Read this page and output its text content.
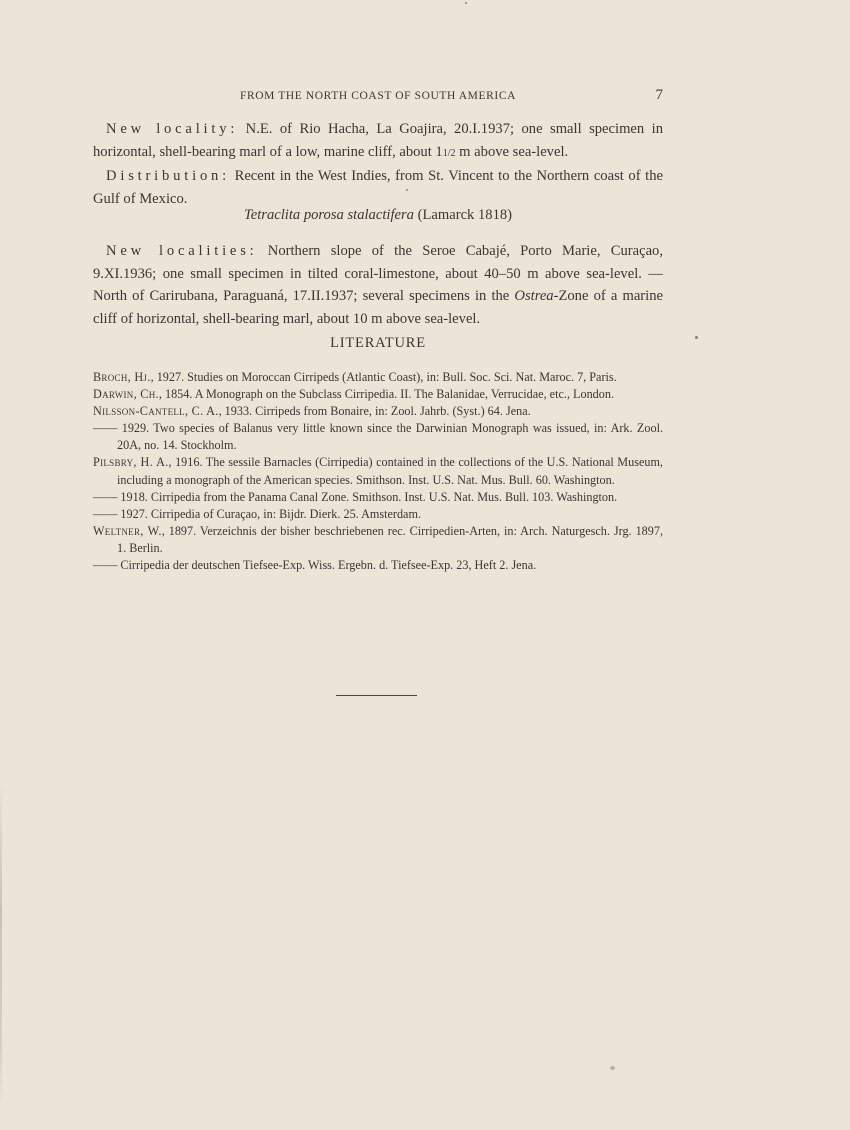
FROM THE NORTH COAST OF SOUTH AMERICA	7

New locality: N.E. of Rio Hacha, La Goajira, 20.I.1937; one small specimen in horizontal, shell-bearing marl of a low, marine cliff, about 11/2 m above sea-level.

Distribution: Recent in the West Indies, from St. Vincent to the Northern coast of the Gulf of Mexico.

Tetraclita porosa stalactifera (Lamarck 1818)

New localities: Northern slope of the Seroe Cabajé, Porto Marie, Curaçao, 9.XI.1936; one small specimen in tilted coral-limestone, about 40–50 m above sea-level. — North of Carirubana, Paraguaná, 17.II.1937; several specimens in the Ostrea-Zone of a marine cliff of horizontal, shell-bearing marl, about 10 m above sea-level.

LITERATURE

Broch, Hj., 1927. Studies on Moroccan Cirripeds (Atlantic Coast), in: Bull. Soc. Sci. Nat. Maroc. 7, Paris.

Darwin, Ch., 1854. A Monograph on the Subclass Cirripedia. II. The Balanidae, Verrucidae, etc., London.

Nilsson-Cantell, C. A., 1933. Cirripeds from Bonaire, in: Zool. Jahrb. (Syst.) 64. Jena.

—— 1929. Two species of Balanus very little known since the Darwinian Monograph was issued, in: Ark. Zool. 20A, no. 14. Stockholm.

Pilsbry, H. A., 1916. The sessile Barnacles (Cirripedia) contained in the collections of the U.S. National Museum, including a monograph of the American species. Smithson. Inst. U.S. Nat. Mus. Bull. 60. Washington.

—— 1918. Cirripedia from the Panama Canal Zone. Smithson. Inst. U.S. Nat. Mus. Bull. 103. Washington.

—— 1927. Cirripedia of Curaçao, in: Bijdr. Dierk. 25. Amsterdam.

Weltner, W., 1897. Verzeichnis der bisher beschriebenen rec. Cirripedien-Arten, in: Arch. Naturgesch. Jrg. 1897, 1. Berlin.

—— Cirripedia der deutschen Tiefsee-Exp. Wiss. Ergebn. d. Tiefsee-Exp. 23, Heft 2. Jena.
